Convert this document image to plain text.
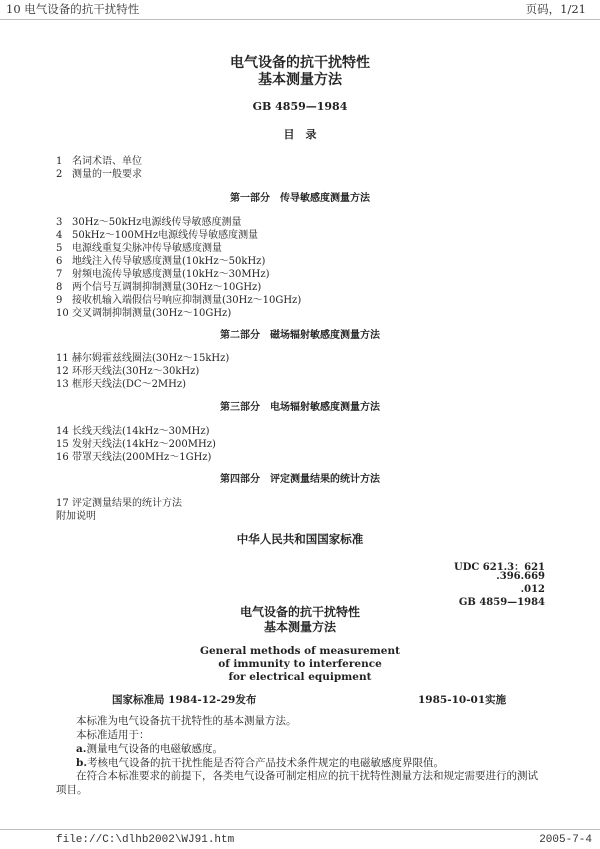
10 电气设备的抗干扰特性	页码，1/21
电气设备的抗干扰特性
基本测量方法
GB 4859—1984
目　录
1 名词术语、单位
2 测量的一般要求
第一部分　传导敏感度测量方法
3 30Hz～50kHz电源线传导敏感度测量
4 50kHz～100MHz电源线传导敏感度测量
5 电源线重复尖脉冲传导敏感度测量
6 地线注入传导敏感度测量(10kHz～50kHz)
7 射频电流传导敏感度测量(10kHz～30MHz)
8 两个信号互调制抑制测量(30Hz～10GHz)
9 接收机输入端假信号响应抑制测量(30Hz～10GHz)
10 交叉调制抑制测量(30Hz～10GHz)
第二部分　磁场辐射敏感度测量方法
11 赫尔姆霍兹线圈法(30Hz～15kHz)
12 环形天线法(30Hz～30kHz)
13 框形天线法(DC～2MHz)
第三部分　电场辐射敏感度测量方法
14 长线天线法(14kHz～30MHz)
15 发射天线法(14kHz～200MHz)
16 带罩天线法(200MHz～1GHz)
第四部分　评定测量结果的统计方法
17 评定测量结果的统计方法
附加说明
中华人民共和国国家标准
UDC 621.3：621
.396.669
.012
GB 4859—1984
电气设备的抗干扰特性
基本测量方法
General methods of measurement
of immunity to interference
for electrical equipment
国家标准局 1984-12-29发布	1985-10-01实施
本标准为电气设备抗干扰特性的基本测量方法。
本标准适用于：
a.测量电气设备的电磁敏感度。
b.考核电气设备的抗干扰性能是否符合产品技术条件规定的电磁敏感度界限值。
在符合本标准要求的前提下，各类电气设备可制定相应的抗干扰特性测量方法和规定需要进行的测试
项目。
file://C:\dlhb2002\WJ91.htm	2005-7-4
